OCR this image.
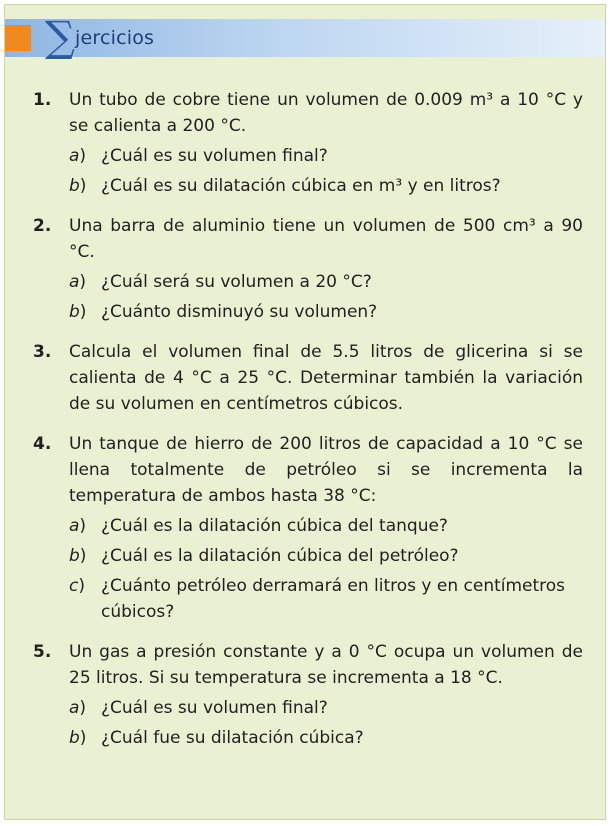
∑ jercicios
1. Un tubo de cobre tiene un volumen de 0.009 m³ a 10 °C y se calienta a 200 °C.
a) ¿Cuál es su volumen final?
b) ¿Cuál es su dilatación cúbica en m³ y en litros?
2. Una barra de aluminio tiene un volumen de 500 cm³ a 90 °C.
a) ¿Cuál será su volumen a 20 °C?
b) ¿Cuánto disminuyó su volumen?
3. Calcula el volumen final de 5.5 litros de glicerina si se calienta de 4 °C a 25 °C. Determinar también la variación de su volumen en centímetros cúbicos.
4. Un tanque de hierro de 200 litros de capacidad a 10 °C se llena totalmente de petróleo si se incrementa la temperatura de ambos hasta 38 °C:
a) ¿Cuál es la dilatación cúbica del tanque?
b) ¿Cuál es la dilatación cúbica del petróleo?
c) ¿Cuánto petróleo derramará en litros y en centímetros cúbicos?
5. Un gas a presión constante y a 0 °C ocupa un volumen de 25 litros. Si su temperatura se incrementa a 18 °C.
a) ¿Cuál es su volumen final?
b) ¿Cuál fue su dilatación cúbica?
